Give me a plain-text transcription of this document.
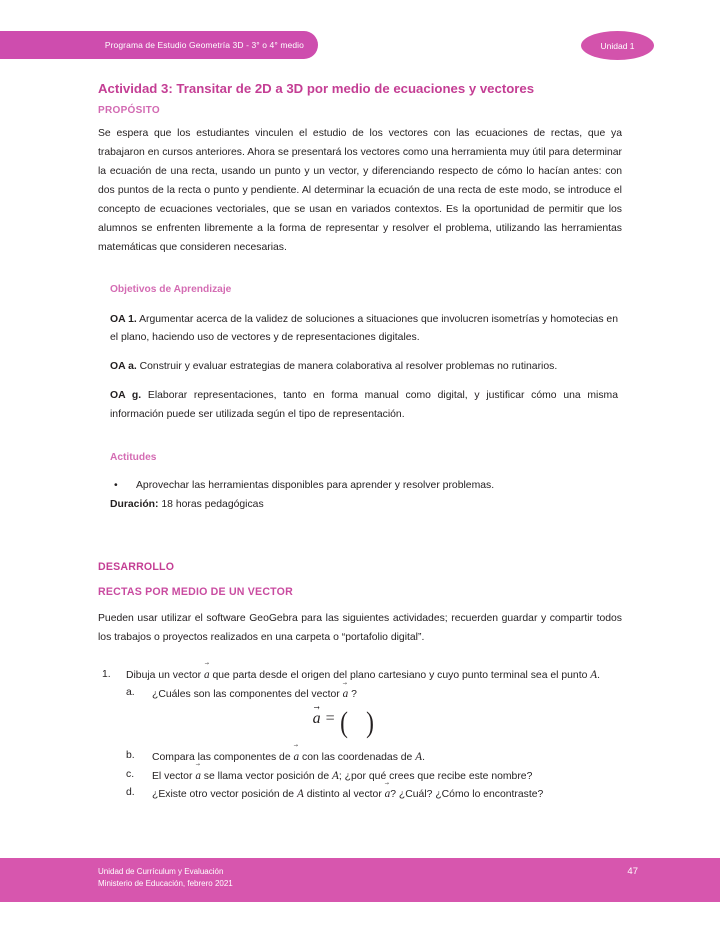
Programa de Estudio Geometría 3D - 3° o 4° medio	Unidad 1
Actividad 3: Transitar de 2D a 3D por medio de ecuaciones y vectores
PROPÓSITO

Se espera que los estudiantes vinculen el estudio de los vectores con las ecuaciones de rectas, que ya trabajaron en cursos anteriores. Ahora se presentará los vectores como una herramienta muy útil para determinar la ecuación de una recta, usando un punto y un vector, y diferenciando respecto de cómo lo hacían antes: con dos puntos de la recta o punto y pendiente. Al determinar la ecuación de una recta de este modo, se introduce el concepto de ecuaciones vectoriales, que se usan en variados contextos. Es la oportunidad de permitir que los alumnos se enfrenten libremente a la forma de representar y resolver el problema, utilizando las herramientas matemáticas que consideren necesarias.

Objetivos de Aprendizaje

OA 1. Argumentar acerca de la validez de soluciones a situaciones que involucren isometrías y homotecias en el plano, haciendo uso de vectores y de representaciones digitales.

OA a. Construir y evaluar estrategias de manera colaborativa al resolver problemas no rutinarios.

OA g. Elaborar representaciones, tanto en forma manual como digital, y justificar cómo una misma información puede ser utilizada según el tipo de representación.

Actitudes
•	Aprovechar las herramientas disponibles para aprender y resolver problemas.

Duración: 18 horas pedagógicas

DESARROLLO
RECTAS POR MEDIO DE UN VECTOR

Pueden usar utilizar el software GeoGebra para las siguientes actividades; recuerden guardar y compartir todos los trabajos o proyectos realizados en una carpeta o “portafolio digital”.

1.	Dibuja un vector a → que parta desde el origen del plano cartesiano y cuyo punto terminal sea el punto A.
a.	¿Cuáles son las componentes del vector a → ?
a → = ( )
b.	Compara las componentes de a → con las coordenadas de A.
c.	El vector a → se llama vector posición de A; ¿por qué crees que recibe este nombre?
d.	¿Existe otro vector posición de A distinto al vector a →? ¿Cuál? ¿Cómo lo encontraste?
Unidad de Currículum y Evaluación
Ministerio de Educación, febrero 2021
47
